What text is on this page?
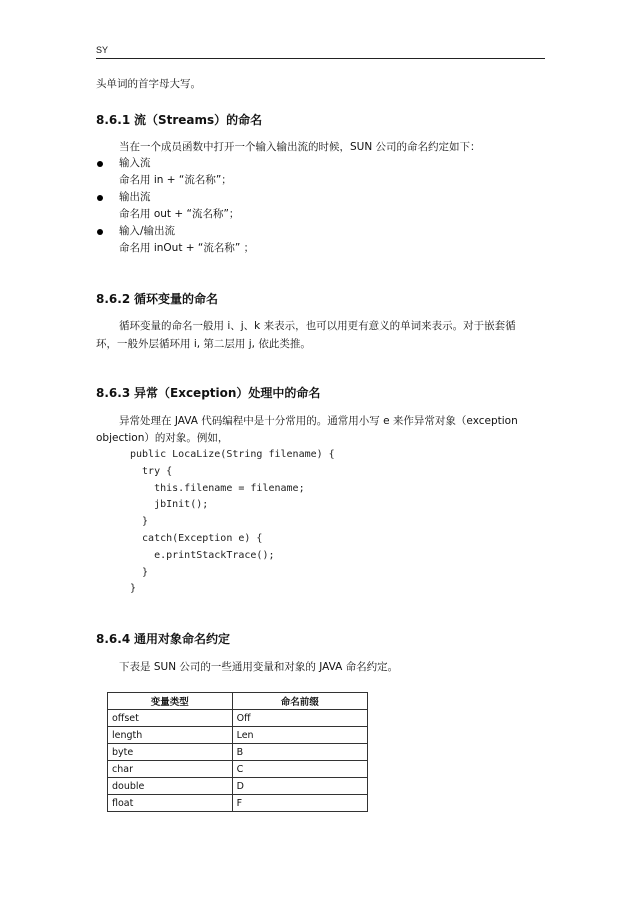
SY
头单词的首字母大写。
8.6.1 流（Streams）的命名
当在一个成员函数中打开一个输入输出流的时候，SUN 公司的命名约定如下：
输入流
命名用 in + “流名称”；
输出流
命名用 out + “流名称”；
输入/输出流
命名用 inOut + “流名称” ；
8.6.2 循环变量的命名
循环变量的命名一般用 i、j、k 来表示，也可以用更有意义的单词来表示。对于嵌套循
环，一般外层循环用 i, 第二层用 j, 依此类推。
8.6.3 异常（Exception）处理中的命名
异常处理在 JAVA 代码编程中是十分常用的。通常用小写 e 来作异常对象（exception
objection）的对象。例如，
public LocaLize(String filename) {
try {
this.filename = filename;
jbInit();
}
catch(Exception e) {
e.printStackTrace();
}
}
8.6.4 通用对象命名约定
下表是 SUN 公司的一些通用变量和对象的 JAVA 命名约定。
变量类型	命名前缀
offset	Off
length	Len
byte	B
char	C
double	D
float	F
